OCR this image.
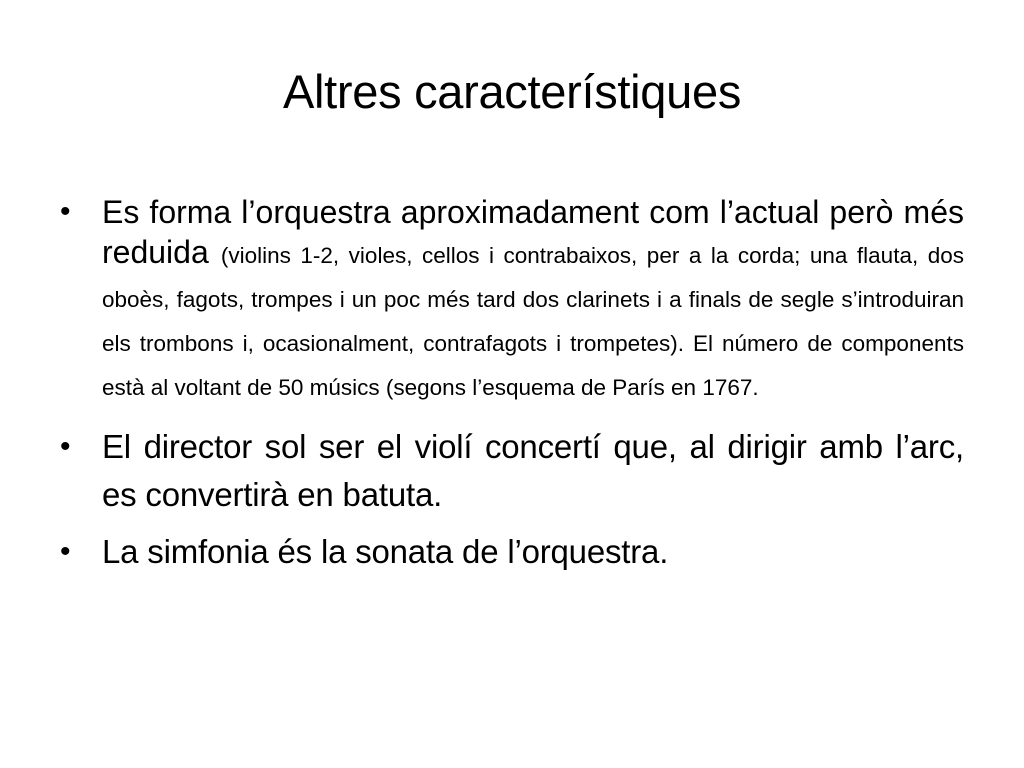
Altres característiques
• Es forma l’orquestra aproximadament com l’actual però més reduida (violins 1-2, violes, cellos i contrabaixos, per a la corda; una flauta, dos oboès, fagots, trompes i un poc més tard dos clarinets i a finals de segle s’introduiran els trombons i, ocasionalment, contrafagots i trompetes). El número de components està al voltant de 50 músics (segons l’esquema de París en 1767.
• El director sol ser el violí concertí que, al dirigir amb l’arc, es convertirà en batuta.
• La simfonia és la sonata de l’orquestra.
